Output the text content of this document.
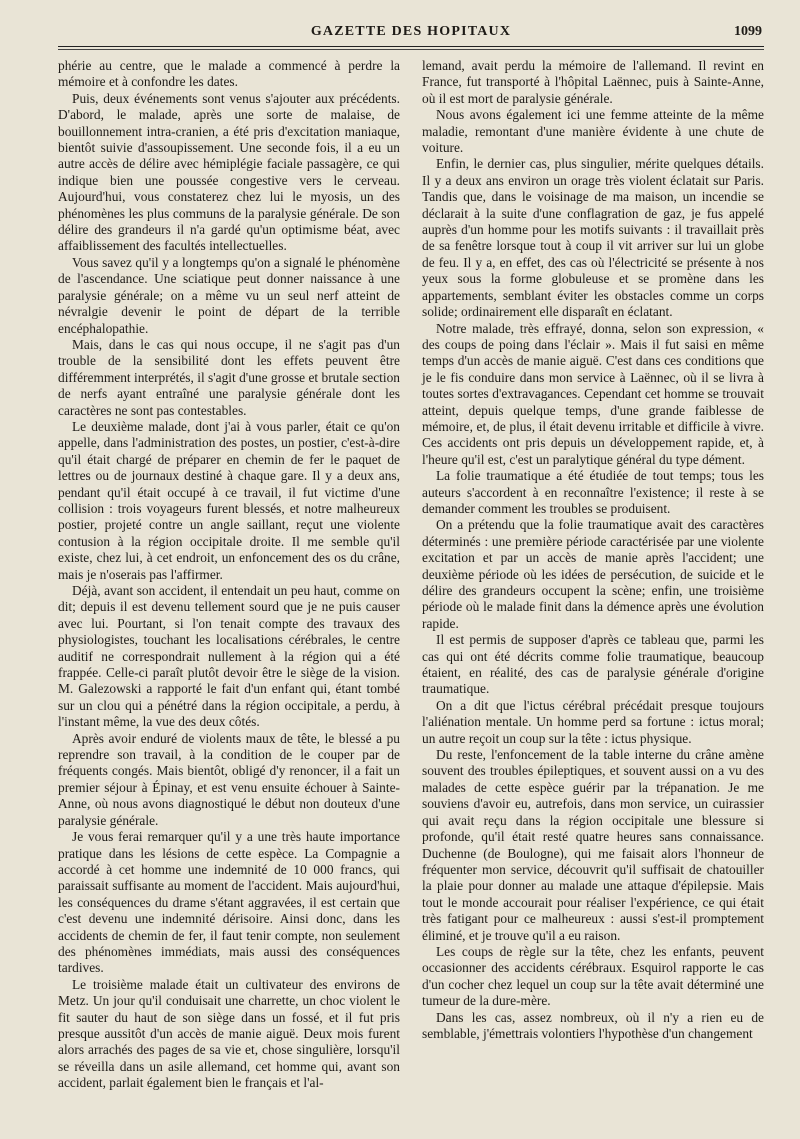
GAZETTE DES HOPITAUX	1099

phérie au centre, que le malade a commencé à perdre la mémoire et à confondre les dates.

Puis, deux événements sont venus s'ajouter aux précédents. D'abord, le malade, après une sorte de malaise, de bouillonnement intra-cranien, a été pris d'excitation maniaque, bientôt suivie d'assoupissement. Une seconde fois, il a eu un autre accès de délire avec hémiplégie faciale passagère, ce qui indique bien une poussée congestive vers le cerveau. Aujourd'hui, vous constaterez chez lui le myosis, un des phénomènes les plus communs de la paralysie générale. De son délire des grandeurs il n'a gardé qu'un optimisme béat, avec affaiblissement des facultés intellectuelles.

Vous savez qu'il y a longtemps qu'on a signalé le phénomène de l'ascendance. Une sciatique peut donner naissance à une paralysie générale; on a même vu un seul nerf atteint de névralgie devenir le point de départ de la terrible encéphalopathie.

Mais, dans le cas qui nous occupe, il ne s'agit pas d'un trouble de la sensibilité dont les effets peuvent être différemment interprétés, il s'agit d'une grosse et brutale section de nerfs ayant entraîné une paralysie générale dont les caractères ne sont pas contestables.

Le deuxième malade, dont j'ai à vous parler, était ce qu'on appelle, dans l'administration des postes, un postier, c'est-à-dire qu'il était chargé de préparer en chemin de fer le paquet de lettres ou de journaux destiné à chaque gare. Il y a deux ans, pendant qu'il était occupé à ce travail, il fut victime d'une collision : trois voyageurs furent blessés, et notre malheureux postier, projeté contre un angle saillant, reçut une violente contusion à la région occipitale droite. Il me semble qu'il existe, chez lui, à cet endroit, un enfoncement des os du crâne, mais je n'oserais pas l'affirmer.

Déjà, avant son accident, il entendait un peu haut, comme on dit; depuis il est devenu tellement sourd que je ne puis causer avec lui. Pourtant, si l'on tenait compte des travaux des physiologistes, touchant les localisations cérébrales, le centre auditif ne correspondrait nullement à la région qui a été frappée. Celle-ci paraît plutôt devoir être le siège de la vision. M. Galezowski a rapporté le fait d'un enfant qui, étant tombé sur un clou qui a pénétré dans la région occipitale, a perdu, à l'instant même, la vue des deux côtés.

Après avoir enduré de violents maux de tête, le blessé a pu reprendre son travail, à la condition de le couper par de fréquents congés. Mais bientôt, obligé d'y renoncer, il a fait un premier séjour à Épinay, et est venu ensuite échouer à Sainte-Anne, où nous avons diagnostiqué le début non douteux d'une paralysie générale.

Je vous ferai remarquer qu'il y a une très haute importance pratique dans les lésions de cette espèce. La Compagnie a accordé à cet homme une indemnité de 10 000 francs, qui paraissait suffisante au moment de l'accident. Mais aujourd'hui, les conséquences du drame s'étant aggravées, il est certain que c'est devenu une indemnité dérisoire. Ainsi donc, dans les accidents de chemin de fer, il faut tenir compte, non seulement des phénomènes immédiats, mais aussi des conséquences tardives.

Le troisième malade était un cultivateur des environs de Metz. Un jour qu'il conduisait une charrette, un choc violent le fit sauter du haut de son siège dans un fossé, et il fut pris presque aussitôt d'un accès de manie aiguë. Deux mois furent alors arrachés des pages de sa vie et, chose singulière, lorsqu'il se réveilla dans un asile allemand, cet homme qui, avant son accident, parlait également bien le français et l'al-

lemand, avait perdu la mémoire de l'allemand. Il revint en France, fut transporté à l'hôpital Laënnec, puis à Sainte-Anne, où il est mort de paralysie générale.

Nous avons également ici une femme atteinte de la même maladie, remontant d'une manière évidente à une chute de voiture.

Enfin, le dernier cas, plus singulier, mérite quelques détails. Il y a deux ans environ un orage très violent éclatait sur Paris. Tandis que, dans le voisinage de ma maison, un incendie se déclarait à la suite d'une conflagration de gaz, je fus appelé auprès d'un homme pour les motifs suivants : il travaillait près de sa fenêtre lorsque tout à coup il vit arriver sur lui un globe de feu. Il y a, en effet, des cas où l'électricité se présente à nos yeux sous la forme globuleuse et se promène dans les appartements, semblant éviter les obstacles comme un corps solide; ordinairement elle disparaît en éclatant.

Notre malade, très effrayé, donna, selon son expression, « des coups de poing dans l'éclair ». Mais il fut saisi en même temps d'un accès de manie aiguë. C'est dans ces conditions que je le fis conduire dans mon service à Laënnec, où il se livra à toutes sortes d'extravagances. Cependant cet homme se trouvait atteint, depuis quelque temps, d'une grande faiblesse de mémoire, et, de plus, il était devenu irritable et difficile à vivre. Ces accidents ont pris depuis un développement rapide, et, à l'heure qu'il est, c'est un paralytique général du type dément.

La folie traumatique a été étudiée de tout temps; tous les auteurs s'accordent à en reconnaître l'existence; il reste à se demander comment les troubles se produisent.

On a prétendu que la folie traumatique avait des caractères déterminés : une première période caractérisée par une violente excitation et par un accès de manie après l'accident; une deuxième période où les idées de persécution, de suicide et le délire des grandeurs occupent la scène; enfin, une troisième période où le malade finit dans la démence après une évolution rapide.

Il est permis de supposer d'après ce tableau que, parmi les cas qui ont été décrits comme folie traumatique, beaucoup étaient, en réalité, des cas de paralysie générale d'origine traumatique.

On a dit que l'ictus cérébral précédait presque toujours l'aliénation mentale. Un homme perd sa fortune : ictus moral; un autre reçoit un coup sur la tête : ictus physique.

Du reste, l'enfoncement de la table interne du crâne amène souvent des troubles épileptiques, et souvent aussi on a vu des malades de cette espèce guérir par la trépanation. Je me souviens d'avoir eu, autrefois, dans mon service, un cuirassier qui avait reçu dans la région occipitale une blessure si profonde, qu'il était resté quatre heures sans connaissance. Duchenne (de Boulogne), qui me faisait alors l'honneur de fréquenter mon service, découvrit qu'il suffisait de chatouiller la plaie pour donner au malade une attaque d'épilepsie. Mais tout le monde accourait pour réaliser l'expérience, ce qui était très fatigant pour ce malheureux : aussi s'est-il promptement éliminé, et je trouve qu'il a eu raison.

Les coups de règle sur la tête, chez les enfants, peuvent occasionner des accidents cérébraux. Esquirol rapporte le cas d'un cocher chez lequel un coup sur la tête avait déterminé une tumeur de la dure-mère.

Dans les cas, assez nombreux, où il n'y a rien eu de semblable, j'émettrais volontiers l'hypothèse d'un changement
